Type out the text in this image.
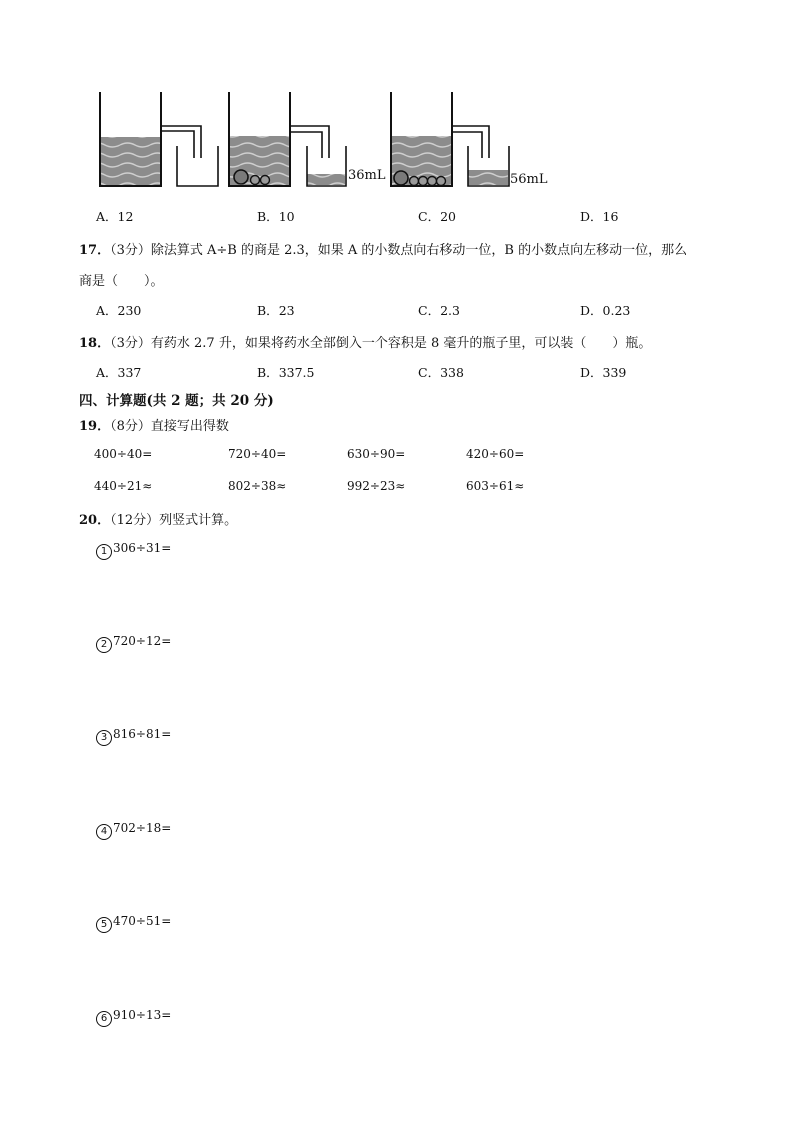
36mL	56mL
A．12	B．10	C．20	D．16
17．（3分）除法算式 A÷B 的商是 2.3，如果 A 的小数点向右移动一位，B 的小数点向左移动一位，那么
商是（　　）。
A．230	B．23	C．2.3	D．0.23
18．（3分）有药水 2.7 升，如果将药水全部倒入一个容积是 8 毫升的瓶子里，可以装（　　）瓶。
A．337	B．337.5	C．338	D．339
四、计算题(共 2 题；共 20 分)
19．（8分）直接写出得数
400÷40=	720÷40=	630÷90=	420÷60=
440÷21≈	802÷38≈	992÷23≈	603÷61≈
20．（12分）列竖式计算。
1 306÷31=
2 720÷12=
3 816÷81=
4 702÷18=
5 470÷51=
6 910÷13=
